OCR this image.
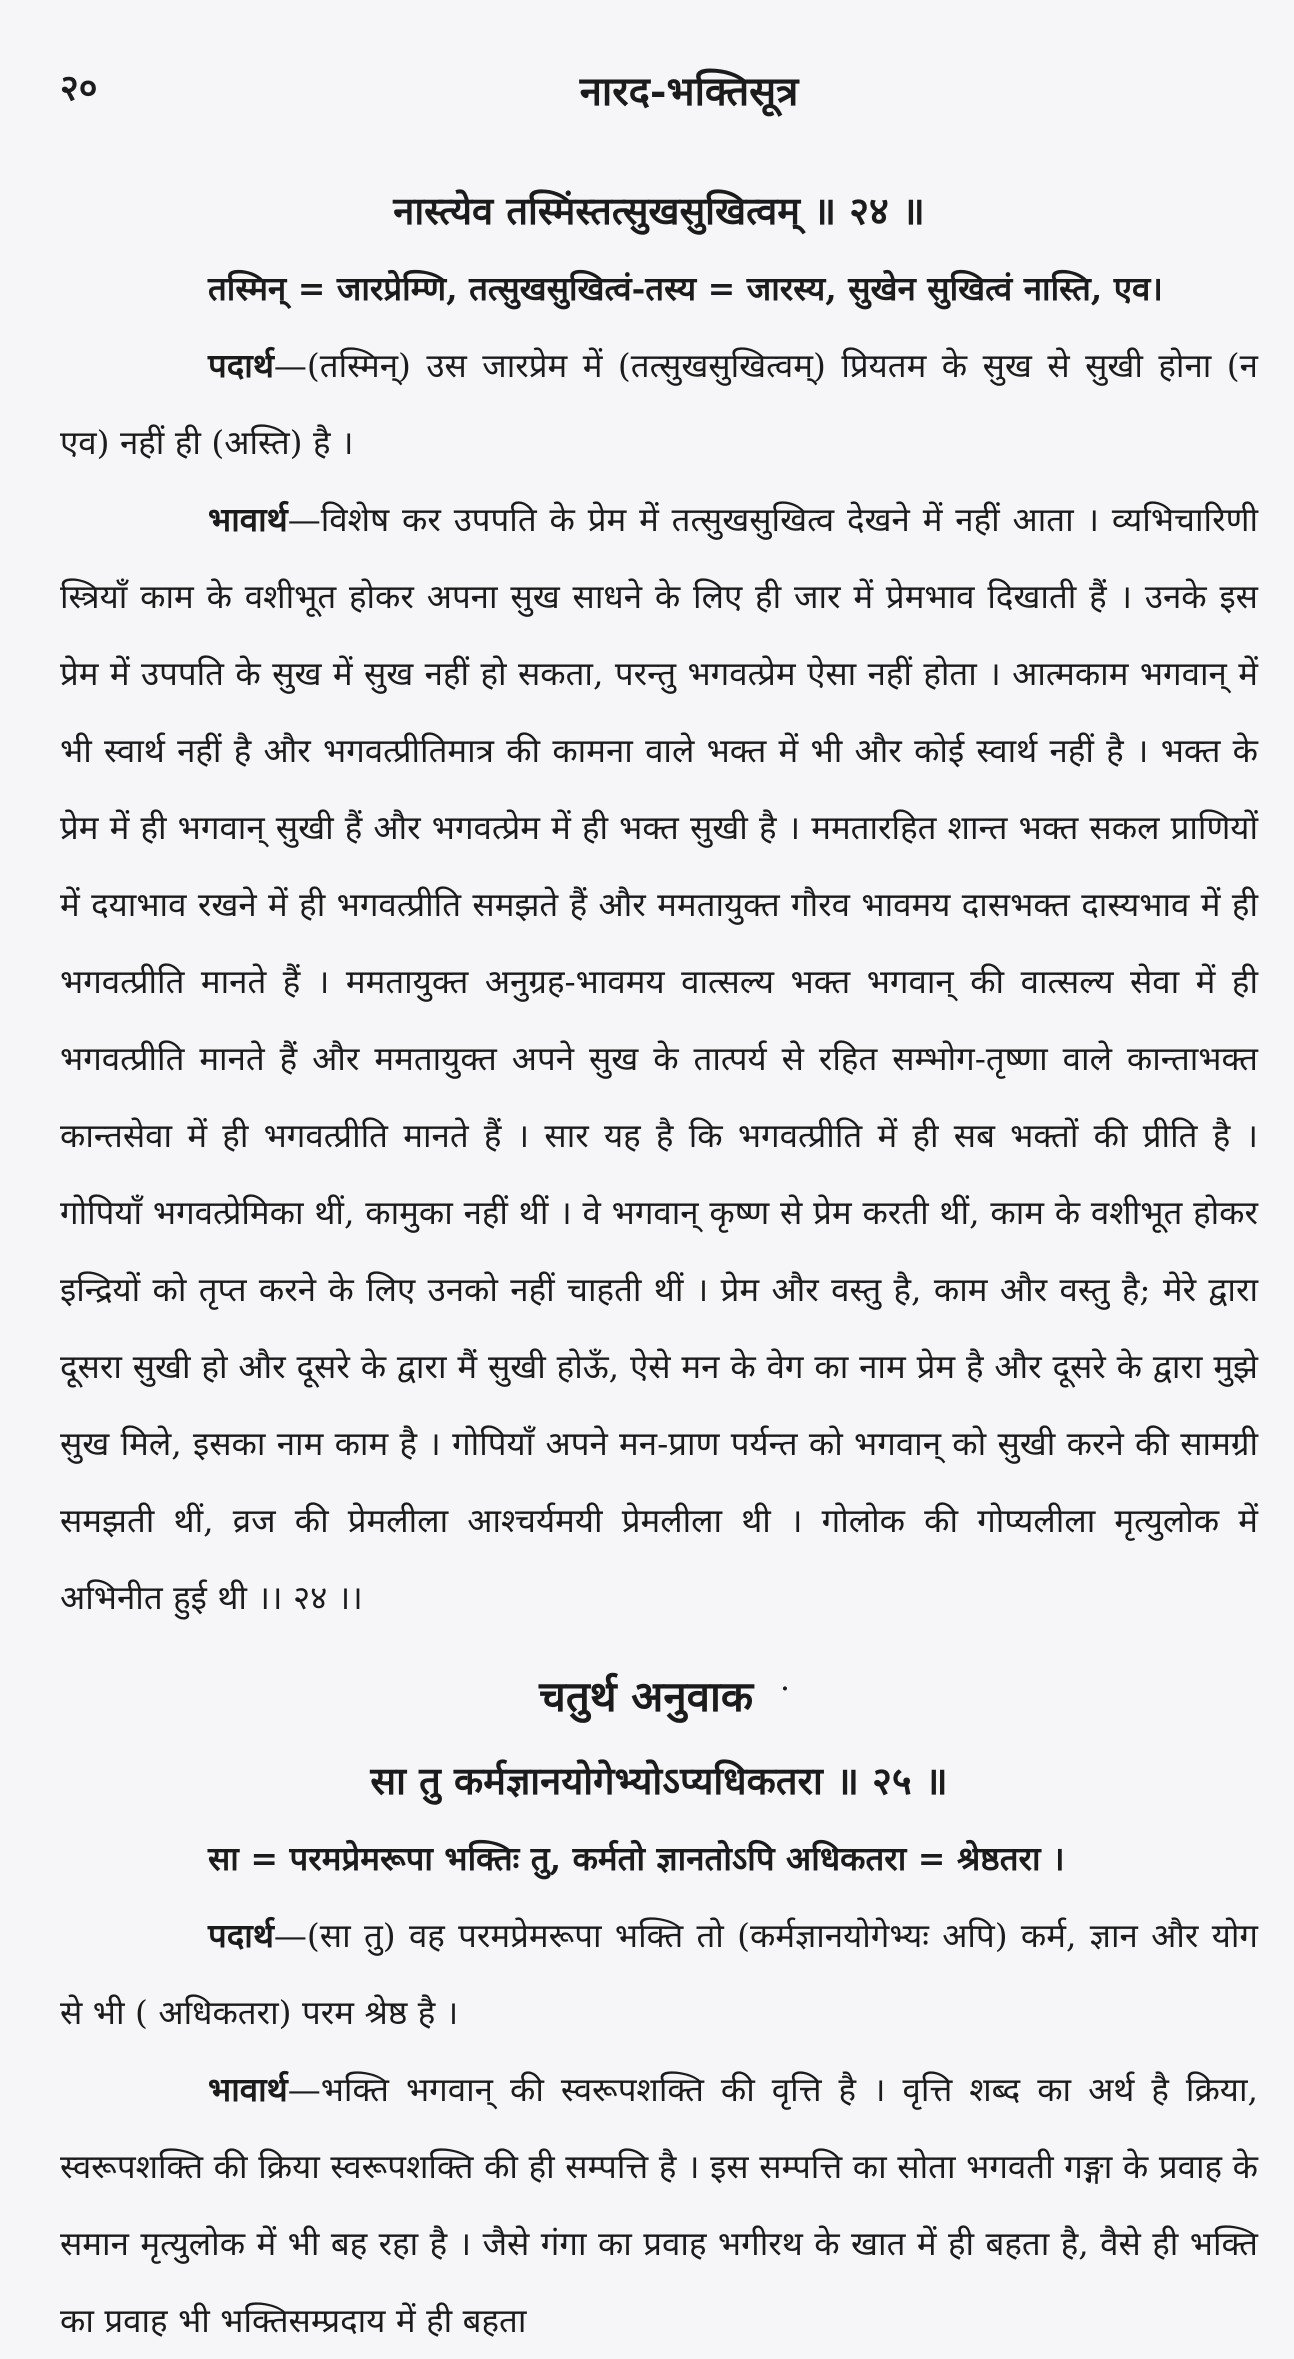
२०	नारद-भक्तिसूत्र
नास्त्येव तस्मिंस्तत्सुखसुखित्वम् ॥ २४ ॥

तस्मिन् = जारप्रेम्णि, तत्सुखसुखित्वं-तस्य = जारस्य, सुखेन सुखित्वं नास्ति, एव।

पदार्थ—(तस्मिन्) उस जारप्रेम में (तत्सुखसुखित्वम्) प्रियतम के सुख से सुखी होना (न एव) नहीं ही (अस्ति) है ।

भावार्थ—विशेष कर उपपति के प्रेम में तत्सुखसुखित्व देखने में नहीं आता । व्यभिचारिणी स्त्रियाँ काम के वशीभूत होकर अपना सुख साधने के लिए ही जार में प्रेमभाव दिखाती हैं । उनके इस प्रेम में उपपति के सुख में सुख नहीं हो सकता, परन्तु भगवत्प्रेम ऐसा नहीं होता । आत्मकाम भगवान् में भी स्वार्थ नहीं है और भगवत्प्रीतिमात्र की कामना वाले भक्त में भी और कोई स्वार्थ नहीं है । भक्त के प्रेम में ही भगवान् सुखी हैं और भगवत्प्रेम में ही भक्त सुखी है । ममतारहित शान्त भक्त सकल प्राणियों में दयाभाव रखने में ही भगवत्प्रीति समझते हैं और ममतायुक्त गौरव भावमय दासभक्त दास्यभाव में ही भगवत्प्रीति मानते हैं । ममतायुक्त अनुग्रह-भावमय वात्सल्य भक्त भगवान् की वात्सल्य सेवा में ही भगवत्प्रीति मानते हैं और ममतायुक्त अपने सुख के तात्पर्य से रहित सम्भोग-तृष्णा वाले कान्ताभक्त कान्तसेवा में ही भगवत्प्रीति मानते हैं । सार यह है कि भगवत्प्रीति में ही सब भक्तों की प्रीति है । गोपियाँ भगवत्प्रेमिका थीं, कामुका नहीं थीं । वे भगवान् कृष्ण से प्रेम करती थीं, काम के वशीभूत होकर इन्द्रियों को तृप्त करने के लिए उनको नहीं चाहती थीं । प्रेम और वस्तु है, काम और वस्तु है; मेरे द्वारा दूसरा सुखी हो और दूसरे के द्वारा मैं सुखी होऊँ, ऐसे मन के वेग का नाम प्रेम है और दूसरे के द्वारा मुझे सुख मिले, इसका नाम काम है । गोपियाँ अपने मन-प्राण पर्यन्त को भगवान् को सुखी करने की सामग्री समझती थीं, व्रज की प्रेमलीला आश्चर्यमयी प्रेमलीला थी । गोलोक की गोप्यलीला मृत्युलोक में अभिनीत हुई थी ।। २४ ।।

चतुर्थ अनुवाक ·
सा तु कर्मज्ञानयोगेभ्योऽप्यधिकतरा ॥ २५ ॥

सा = परमप्रेमरूपा भक्तिः तु, कर्मतो ज्ञानतोऽपि अधिकतरा = श्रेष्ठतरा ।

पदार्थ—(सा तु) वह परमप्रेमरूपा भक्ति तो (कर्मज्ञानयोगेभ्यः अपि) कर्म, ज्ञान और योग से भी ( अधिकतरा) परम श्रेष्ठ है ।

भावार्थ—भक्ति भगवान् की स्वरूपशक्ति की वृत्ति है । वृत्ति शब्द का अर्थ है क्रिया, स्वरूपशक्ति की क्रिया स्वरूपशक्ति की ही सम्पत्ति है । इस सम्पत्ति का सोता भगवती गङ्गा के प्रवाह के समान मृत्युलोक में भी बह रहा है । जैसे गंगा का प्रवाह भगीरथ के खात में ही बहता है, वैसे ही भक्ति का प्रवाह भी भक्तिसम्प्रदाय में ही बहता
